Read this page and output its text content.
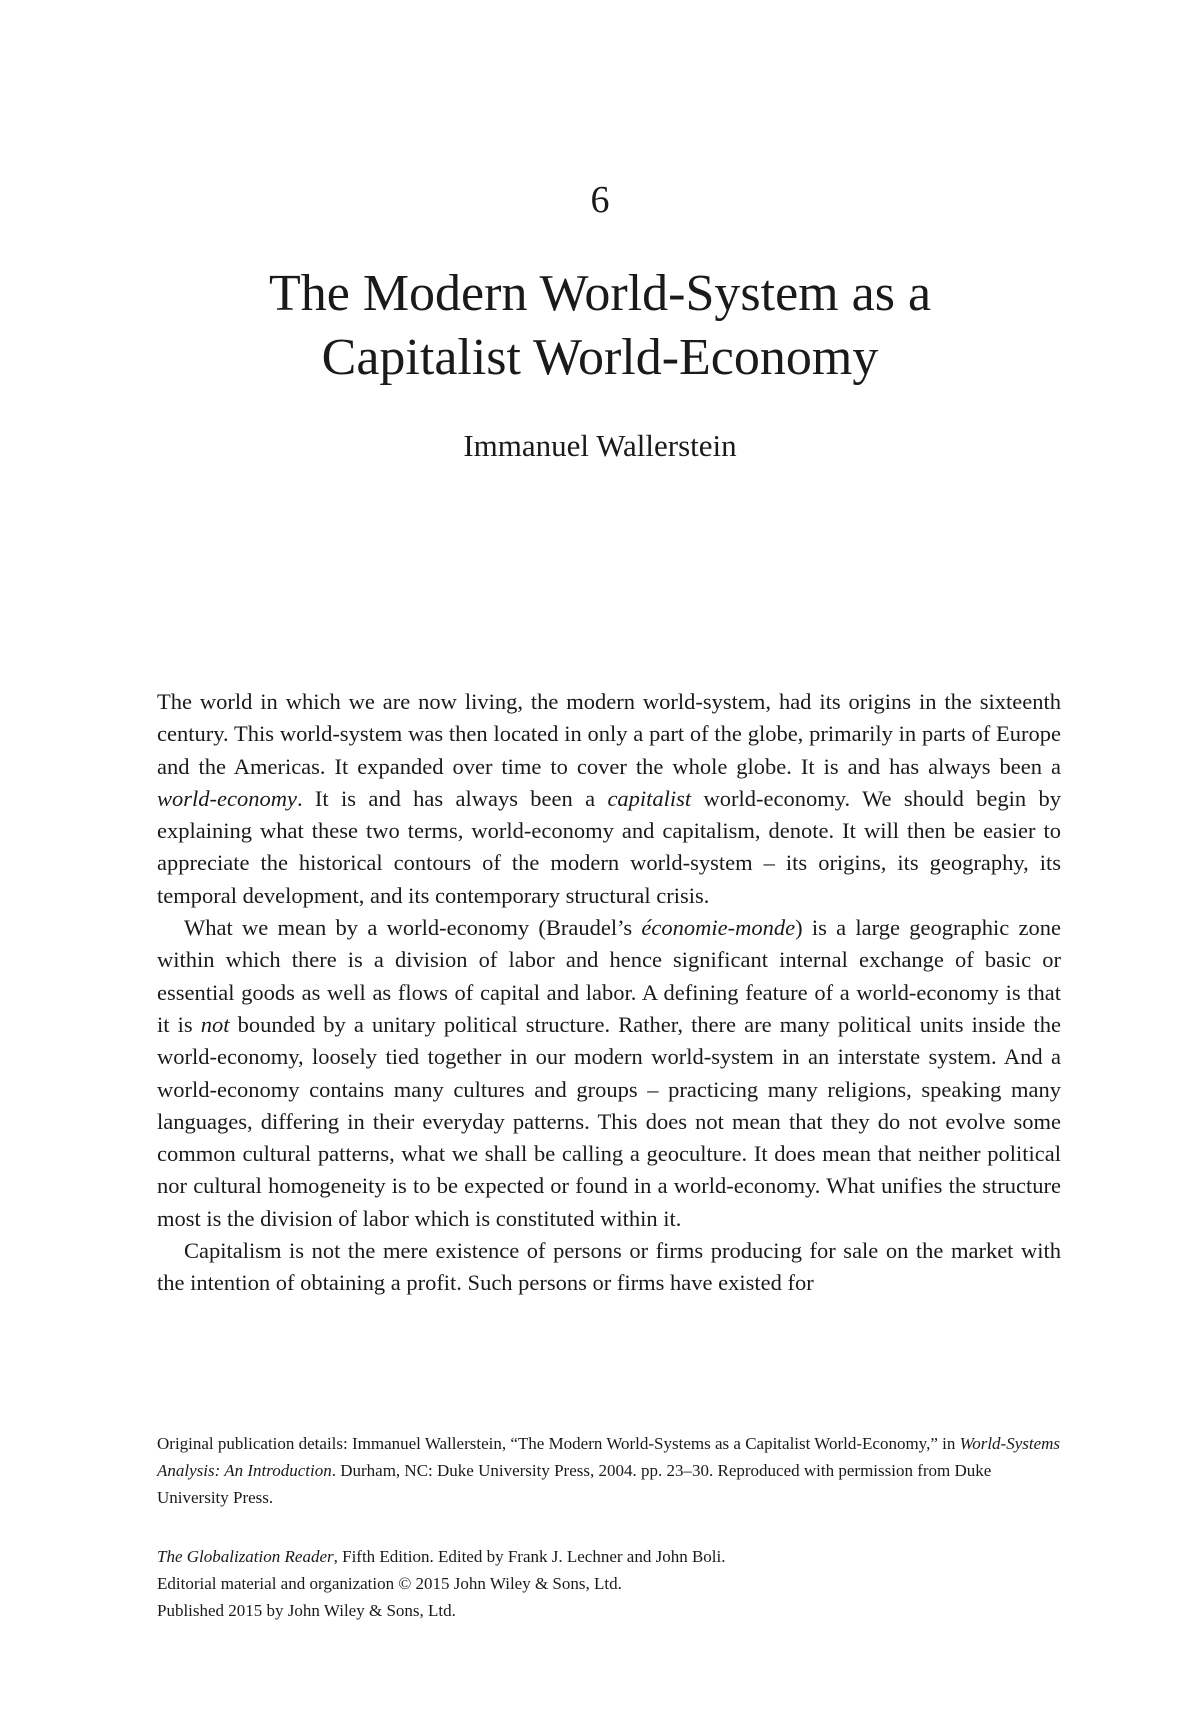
6
The Modern World-System as a
Capitalist World-Economy
Immanuel Wallerstein

The world in which we are now living, the modern world-system, had its origins in the sixteenth century. This world-system was then located in only a part of the globe, primarily in parts of Europe and the Americas. It expanded over time to cover the whole globe. It is and has always been a world-economy. It is and has always been a capitalist world-economy. We should begin by explaining what these two terms, world-economy and capitalism, denote. It will then be easier to appreciate the historical contours of the modern world-system – its origins, its geography, its temporal development, and its contemporary structural crisis.

What we mean by a world-economy (Braudel’s économie-monde) is a large geographic zone within which there is a division of labor and hence significant internal exchange of basic or essential goods as well as flows of capital and labor. A defining feature of a world-economy is that it is not bounded by a unitary political structure. Rather, there are many political units inside the world-economy, loosely tied together in our modern world-system in an interstate system. And a world-economy contains many cultures and groups – practicing many religions, speaking many languages, differing in their everyday patterns. This does not mean that they do not evolve some common cultural patterns, what we shall be calling a geoculture. It does mean that neither political nor cultural homogeneity is to be expected or found in a world-economy. What unifies the structure most is the division of labor which is constituted within it.

Capitalism is not the mere existence of persons or firms producing for sale on the market with the intention of obtaining a profit. Such persons or firms have existed for

Original publication details: Immanuel Wallerstein, “The Modern World-Systems as a Capitalist World-Economy,” in World-Systems Analysis: An Introduction. Durham, NC: Duke University Press, 2004. pp. 23–30. Reproduced with permission from Duke University Press.
The Globalization Reader, Fifth Edition. Edited by Frank J. Lechner and John Boli.
Editorial material and organization © 2015 John Wiley & Sons, Ltd.
Published 2015 by John Wiley & Sons, Ltd.
